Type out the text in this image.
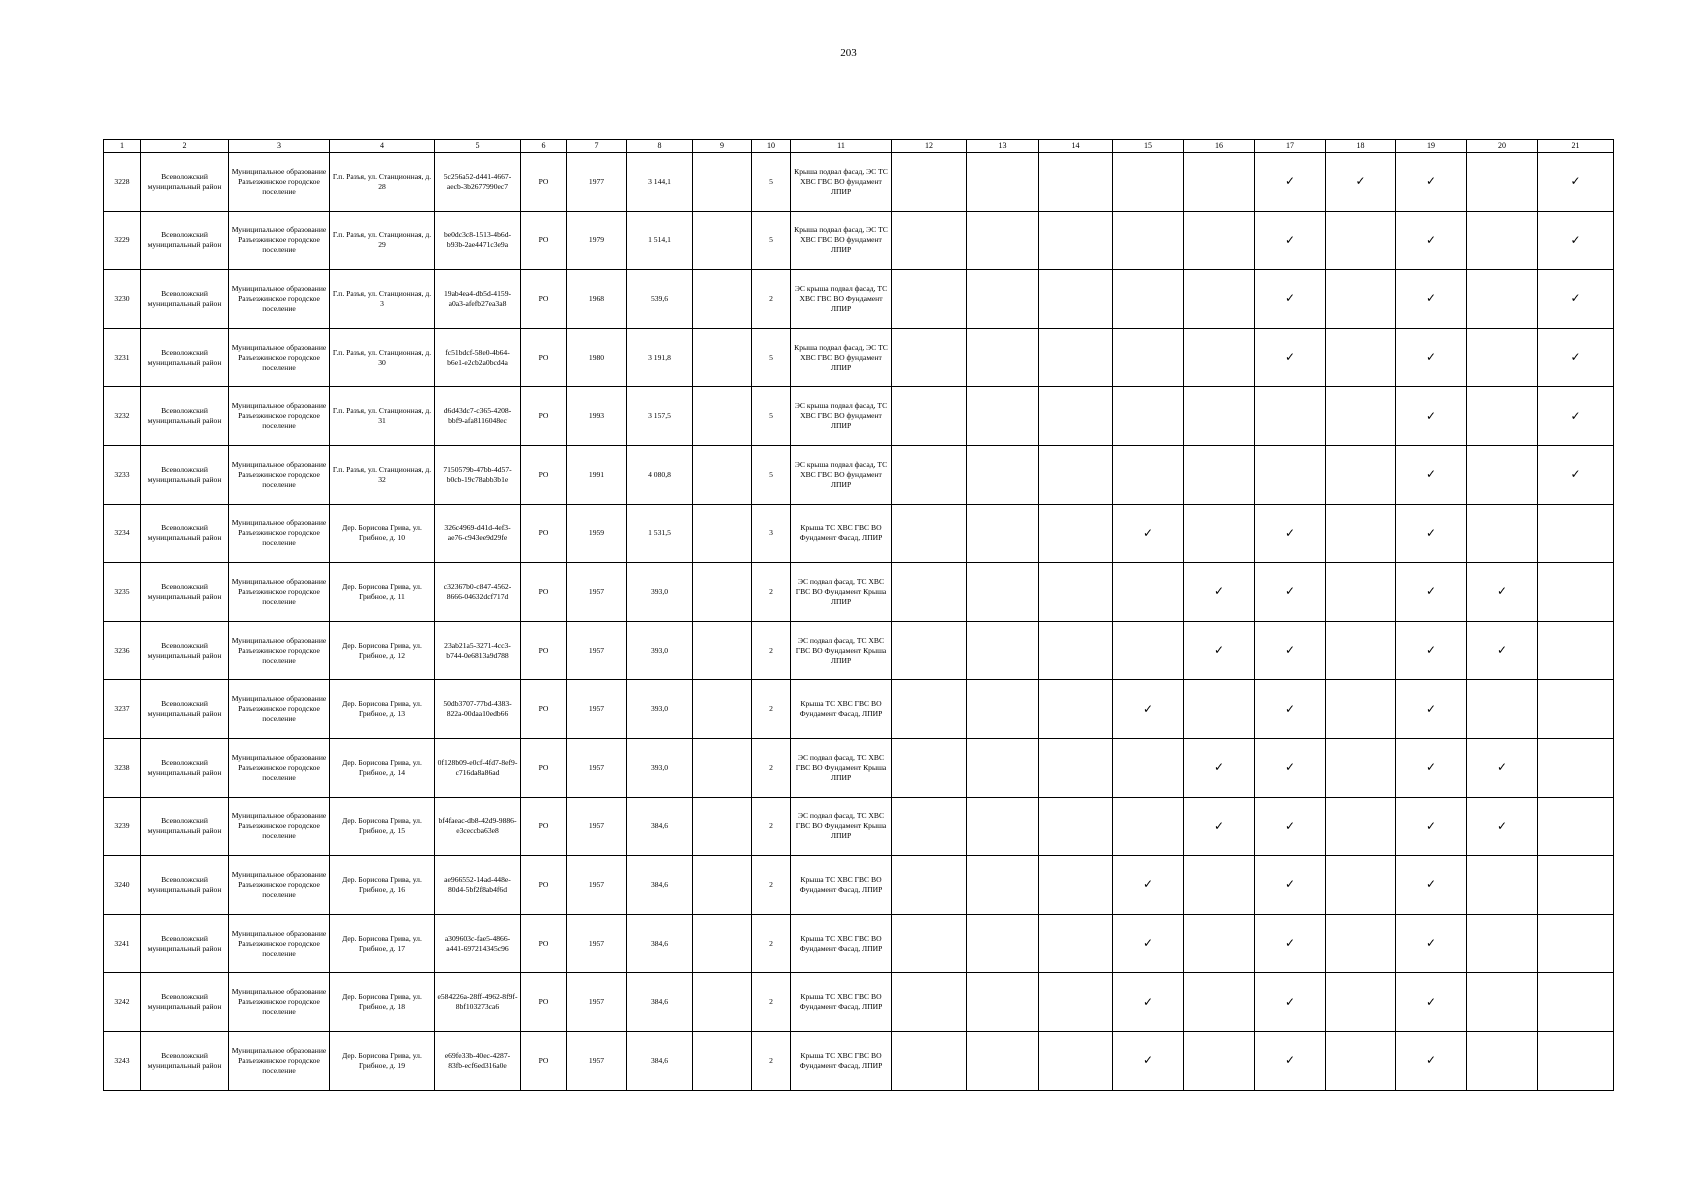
203
1	2	3	4	5	6	7	8	9	10	11	12	13	14	15	16	17	18	19	20	21
3228	Всеволожский муниципальный район	Муниципальное образование Разъезжинское городское поселение	Г.п. Разъя, ул. Станционная, д. 28	5c256a52-d441-4667-aecb-3b2677990ec7	РО	1977	3 144,1		5	Крыша подвал фасад, ЭС ТС ХВС ГВС ВО фундамент ЛПИР						✓	✓	✓		✓
3229	Всеволожский муниципальный район	Муниципальное образование Разъезжинское городское поселение	Г.п. Разъя, ул. Станционная, д. 29	be0dc3c8-1513-4b6d-b93b-2ae4471c3e9a	РО	1979	1 514,1		5	Крыша подвал фасад, ЭС ТС ХВС ГВС ВО фундамент ЛПИР						✓		✓		✓
3230	Всеволожский муниципальный район	Муниципальное образование Разъезжинское городское поселение	Г.п. Разъя, ул. Станционная, д. 3	19ab4ea4-db5d-4159-a0a3-afefb27ea3a8	РО	1968	539,6		2	ЭС крыша подвал фасад, ТС ХВС ГВС ВО Фундамент ЛПИР						✓		✓		✓
3231	Всеволожский муниципальный район	Муниципальное образование Разъезжинское городское поселение	Г.п. Разъя, ул. Станционная, д. 30	fc51bdcf-58e0-4b64-b6e1-e2cb2a0bcd4a	РО	1980	3 191,8		5	Крыша подвал фасад, ЭС ТС ХВС ГВС ВО фундамент ЛПИР						✓		✓		✓
3232	Всеволожский муниципальный район	Муниципальное образование Разъезжинское городское поселение	Г.п. Разъя, ул. Станционная, д. 31	d6d43dc7-c365-4208-bbf9-afa8116048ec	РО	1993	3 157,5		5	ЭС крыша подвал фасад, ТС ХВС ГВС ВО фундамент ЛПИР								✓		✓
3233	Всеволожский муниципальный район	Муниципальное образование Разъезжинское городское поселение	Г.п. Разъя, ул. Станционная, д. 32	7150579b-47bb-4d57-b0cb-19c78abb3b1e	РО	1991	4 080,8		5	ЭС крыша подвал фасад, ТС ХВС ГВС ВО фундамент ЛПИР								✓		✓
3234	Всеволожский муниципальный район	Муниципальное образование Разъезжинское городское поселение	Дер. Борисова Грива, ул. Грибное, д. 10	326c4969-d41d-4ef3-ae76-c943ee9d29fe	РО	1959	1 531,5		3	Крыша ТС ХВС ГВС ВО Фундамент Фасад, ЛПИР				✓		✓		✓		
3235	Всеволожский муниципальный район	Муниципальное образование Разъезжинское городское поселение	Дер. Борисова Грива, ул. Грибное, д. 11	c32367b0-c847-4562-8666-04632dcf717d	РО	1957	393,0		2	ЭС подвал фасад, ТС ХВС ГВС ВО Фундамент Крыша ЛПИР					✓	✓		✓	✓	
3236	Всеволожский муниципальный район	Муниципальное образование Разъезжинское городское поселение	Дер. Борисова Грива, ул. Грибное, д. 12	23ab21a5-3271-4cc3-b744-0e6813a9d788	РО	1957	393,0		2	ЭС подвал фасад, ТС ХВС ГВС ВО Фундамент Крыша ЛПИР					✓	✓		✓	✓	
3237	Всеволожский муниципальный район	Муниципальное образование Разъезжинское городское поселение	Дер. Борисова Грива, ул. Грибное, д. 13	50db3707-77bd-4383-822a-00daa10edb66	РО	1957	393,0		2	Крыша ТС ХВС ГВС ВО Фундамент Фасад, ЛПИР				✓		✓		✓		
3238	Всеволожский муниципальный район	Муниципальное образование Разъезжинское городское поселение	Дер. Борисова Грива, ул. Грибное, д. 14	0f128b09-e0cf-4fd7-8ef9-c716da8a86ad	РО	1957	393,0		2	ЭС подвал фасад, ТС ХВС ГВС ВО Фундамент Крыша ЛПИР					✓	✓		✓	✓	
3239	Всеволожский муниципальный район	Муниципальное образование Разъезжинское городское поселение	Дер. Борисова Грива, ул. Грибное, д. 15	bf4faeac-db8-42d9-9886-e3ceccba63e8	РО	1957	384,6		2	ЭС подвал фасад, ТС ХВС ГВС ВО Фундамент Крыша ЛПИР					✓	✓		✓	✓	
3240	Всеволожский муниципальный район	Муниципальное образование Разъезжинское городское поселение	Дер. Борисова Грива, ул. Грибное, д. 16	ae966552-14ad-448e-80d4-5bf2f8ab4f6d	РО	1957	384,6		2	Крыша ТС ХВС ГВС ВО Фундамент Фасад, ЛПИР				✓		✓		✓		
3241	Всеволожский муниципальный район	Муниципальное образование Разъезжинское городское поселение	Дер. Борисова Грива, ул. Грибное, д. 17	a309603c-fae5-4866-a441-697214345c96	РО	1957	384,6		2	Крыша ТС ХВС ГВС ВО Фундамент Фасад, ЛПИР				✓		✓		✓		
3242	Всеволожский муниципальный район	Муниципальное образование Разъезжинское городское поселение	Дер. Борисова Грива, ул. Грибное, д. 18	e584226a-28ff-4962-8f9f-8bf103273ca6	РО	1957	384,6		2	Крыша ТС ХВС ГВС ВО Фундамент Фасад, ЛПИР				✓		✓		✓		
3243	Всеволожский муниципальный район	Муниципальное образование Разъезжинское городское поселение	Дер. Борисова Грива, ул. Грибное, д. 19	e69fe33b-40ec-4287-83fb-ecf6ed316a0e	РО	1957	384,6		2	Крыша ТС ХВС ГВС ВО Фундамент Фасад, ЛПИР				✓		✓		✓		
